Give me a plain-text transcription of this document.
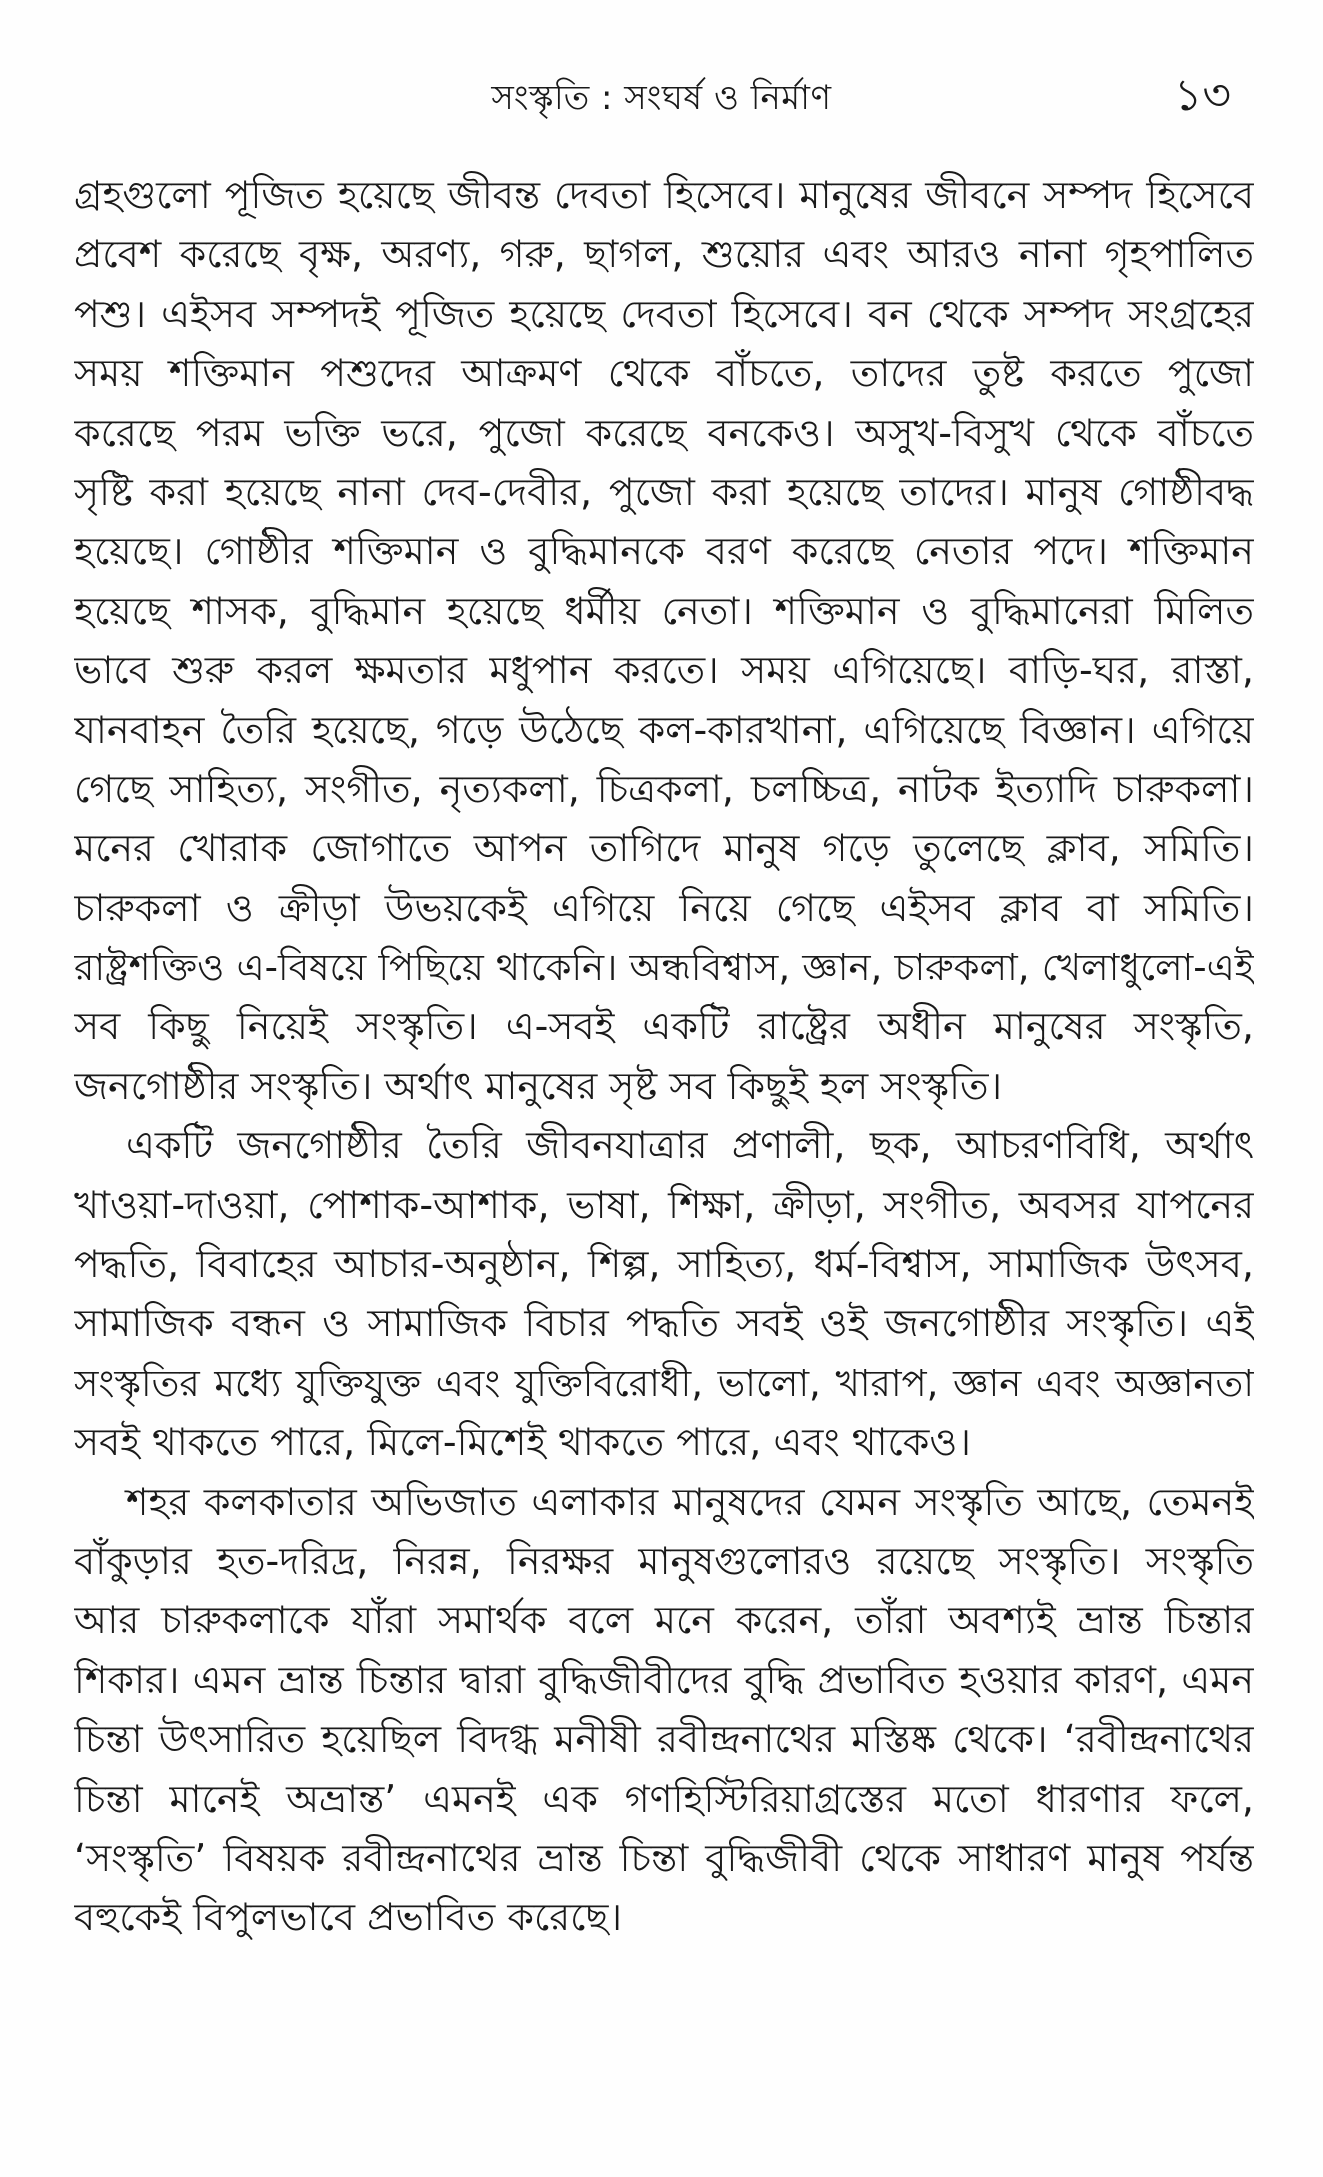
সংস্কৃতি : সংঘর্ষ ও নির্মাণ	১৩
গ্রহগুলো পূজিত হয়েছে জীবন্ত দেবতা হিসেবে। মানুষের জীবনে সম্পদ হিসেবে
প্রবেশ করেছে বৃক্ষ, অরণ্য, গরু, ছাগল, শুয়োর এবং আরও নানা গৃহপালিত
পশু। এইসব সম্পদই পূজিত হয়েছে দেবতা হিসেবে। বন থেকে সম্পদ সংগ্রহের
সময় শক্তিমান পশুদের আক্রমণ থেকে বাঁচতে, তাদের তুষ্ট করতে পুজো
করেছে পরম ভক্তি ভরে, পুজো করেছে বনকেও। অসুখ-বিসুখ থেকে বাঁচতে
সৃষ্টি করা হয়েছে নানা দেব-দেবীর, পুজো করা হয়েছে তাদের। মানুষ গোষ্ঠীবদ্ধ
হয়েছে। গোষ্ঠীর শক্তিমান ও বুদ্ধিমানকে বরণ করেছে নেতার পদে। শক্তিমান
হয়েছে শাসক, বুদ্ধিমান হয়েছে ধর্মীয় নেতা। শক্তিমান ও বুদ্ধিমানেরা মিলিত
ভাবে শুরু করল ক্ষমতার মধুপান করতে। সময় এগিয়েছে। বাড়ি-ঘর, রাস্তা,
যানবাহন তৈরি হয়েছে, গড়ে উঠেছে কল-কারখানা, এগিয়েছে বিজ্ঞান। এগিয়ে
গেছে সাহিত্য, সংগীত, নৃত্যকলা, চিত্রকলা, চলচ্চিত্র, নাটক ইত্যাদি চারুকলা।
মনের খোরাক জোগাতে আপন তাগিদে মানুষ গড়ে তুলেছে ক্লাব, সমিতি।
চারুকলা ও ক্রীড়া উভয়কেই এগিয়ে নিয়ে গেছে এইসব ক্লাব বা সমিতি।
রাষ্ট্রশক্তিও এ-বিষয়ে পিছিয়ে থাকেনি। অন্ধবিশ্বাস, জ্ঞান, চারুকলা, খেলাধুলো-এই
সব কিছু নিয়েই সংস্কৃতি। এ-সবই একটি রাষ্ট্রের অধীন মানুষের সংস্কৃতি,
জনগোষ্ঠীর সংস্কৃতি। অর্থাৎ মানুষের সৃষ্ট সব কিছুই হল সংস্কৃতি।
একটি জনগোষ্ঠীর তৈরি জীবনযাত্রার প্রণালী, ছক, আচরণবিধি, অর্থাৎ
খাওয়া-দাওয়া, পোশাক-আশাক, ভাষা, শিক্ষা, ক্রীড়া, সংগীত, অবসর যাপনের
পদ্ধতি, বিবাহের আচার-অনুষ্ঠান, শিল্প, সাহিত্য, ধর্ম-বিশ্বাস, সামাজিক উৎসব,
সামাজিক বন্ধন ও সামাজিক বিচার পদ্ধতি সবই ওই জনগোষ্ঠীর সংস্কৃতি। এই
সংস্কৃতির মধ্যে যুক্তিযুক্ত এবং যুক্তিবিরোধী, ভালো, খারাপ, জ্ঞান এবং অজ্ঞানতা
সবই থাকতে পারে, মিলে-মিশেই থাকতে পারে, এবং থাকেও।
শহর কলকাতার অভিজাত এলাকার মানুষদের যেমন সংস্কৃতি আছে, তেমনই
বাঁকুড়ার হত-দরিদ্র, নিরন্ন, নিরক্ষর মানুষগুলোরও রয়েছে সংস্কৃতি। সংস্কৃতি
আর চারুকলাকে যাঁরা সমার্থক বলে মনে করেন, তাঁরা অবশ্যই ভ্রান্ত চিন্তার
শিকার। এমন ভ্রান্ত চিন্তার দ্বারা বুদ্ধিজীবীদের বুদ্ধি প্রভাবিত হওয়ার কারণ, এমন
চিন্তা উৎসারিত হয়েছিল বিদগ্ধ মনীষী রবীন্দ্রনাথের মস্তিষ্ক থেকে। ‘রবীন্দ্রনাথের
চিন্তা মানেই অভ্রান্ত’ এমনই এক গণহিস্টিরিয়াগ্রস্তের মতো ধারণার ফলে,
‘সংস্কৃতি’ বিষয়ক রবীন্দ্রনাথের ভ্রান্ত চিন্তা বুদ্ধিজীবী থেকে সাধারণ মানুষ পর্যন্ত
বহুকেই বিপুলভাবে প্রভাবিত করেছে।
